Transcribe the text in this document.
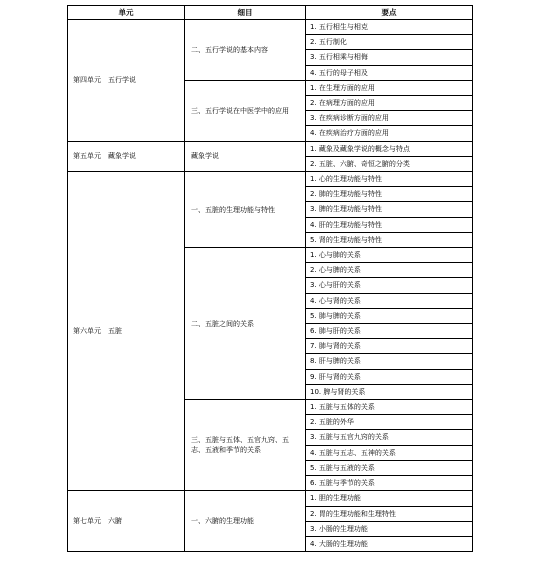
单元	细目	要点
第四单元　五行学说	二、五行学说的基本内容	1. 五行相生与相克
		2. 五行制化
		3. 五行相乘与相侮
		4. 五行的母子相及
	三、五行学说在中医学中的应用	1. 在生理方面的应用
		2. 在病理方面的应用
		3. 在疾病诊断方面的应用
		4. 在疾病治疗方面的应用
第五单元　藏象学说	藏象学说	1. 藏象及藏象学说的概念与特点
		2. 五脏、六腑、奇恒之腑的分类
第六单元　五脏	一、五脏的生理功能与特性	1. 心的生理功能与特性
		2. 肺的生理功能与特性
		3. 脾的生理功能与特性
		4. 肝的生理功能与特性
		5. 肾的生理功能与特性
	二、五脏之间的关系	1. 心与肺的关系
		2. 心与脾的关系
		3. 心与肝的关系
		4. 心与肾的关系
		5. 肺与脾的关系
		6. 肺与肝的关系
		7. 肺与肾的关系
		8. 肝与脾的关系
		9. 肝与肾的关系
		10. 脾与肾的关系
	三、五脏与五体、五官九窍、五志、五液和季节的关系	1. 五脏与五体的关系
		2. 五脏的外华
		3. 五脏与五官九窍的关系
		4. 五脏与五志、五神的关系
		5. 五脏与五液的关系
		6. 五脏与季节的关系
第七单元　六腑	一、六腑的生理功能	1. 胆的生理功能
		2. 胃的生理功能和生理特性
		3. 小肠的生理功能
		4. 大肠的生理功能
